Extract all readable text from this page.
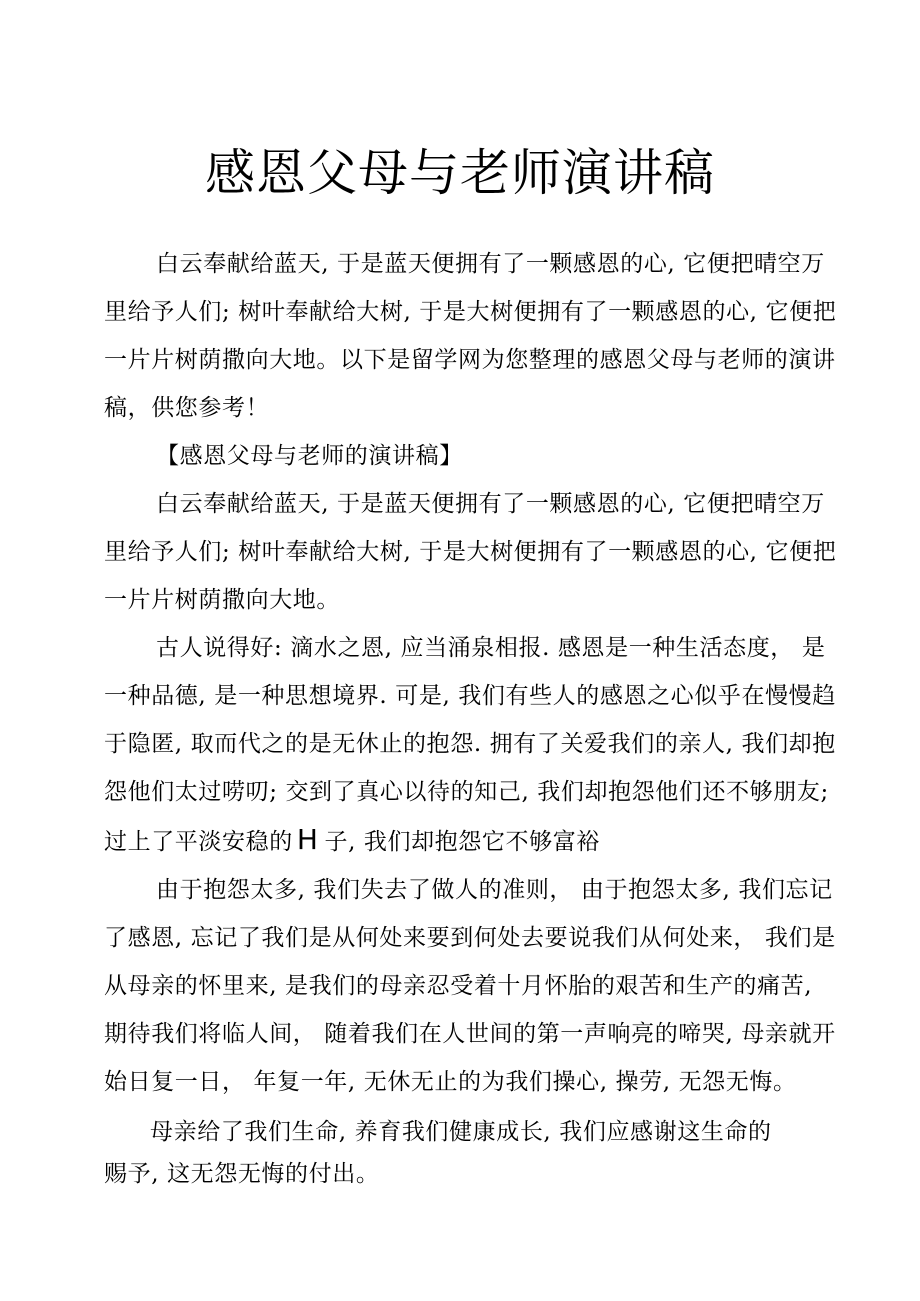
感恩父母与老师演讲稿
白云奉献给蓝天, 于是蓝天便拥有了一颗感恩的心, 它便把晴空万
里给予人们; 树叶奉献给大树, 于是大树便拥有了一颗感恩的心, 它便把
一片片树荫撒向大地。以下是留学网为您整理的感恩父母与老师的演讲
稿，供您参考！
【感恩父母与老师的演讲稿】
白云奉献给蓝天, 于是蓝天便拥有了一颗感恩的心, 它便把晴空万
里给予人们; 树叶奉献给大树, 于是大树便拥有了一颗感恩的心, 它便把
一片片树荫撒向大地。
古人说得好: 滴水之恩, 应当涌泉相报. 感恩是一种生活态度， 是
一种品德, 是一种思想境界. 可是, 我们有些人的感恩之心似乎在慢慢趋
于隐匿, 取而代之的是无休止的抱怨. 拥有了关爱我们的亲人, 我们却抱
怨他们太过唠叨; 交到了真心以待的知己, 我们却抱怨他们还不够朋友;
过上了平淡安稳的 H 子, 我们却抱怨它不够富裕
由于抱怨太多, 我们失去了做人的准则， 由于抱怨太多, 我们忘记
了感恩, 忘记了我们是从何处来要到何处去要说我们从何处来， 我们是
从母亲的怀里来, 是我们的母亲忍受着十月怀胎的艰苦和生产的痛苦,
期待我们将临人间， 随着我们在人世间的第一声响亮的啼哭, 母亲就开
始日复一日， 年复一年, 无休无止的为我们操心, 操劳, 无怨无悔。
母亲给了我们生命, 养育我们健康成长, 我们应感谢这生命的
赐予, 这无怨无悔的付出。
